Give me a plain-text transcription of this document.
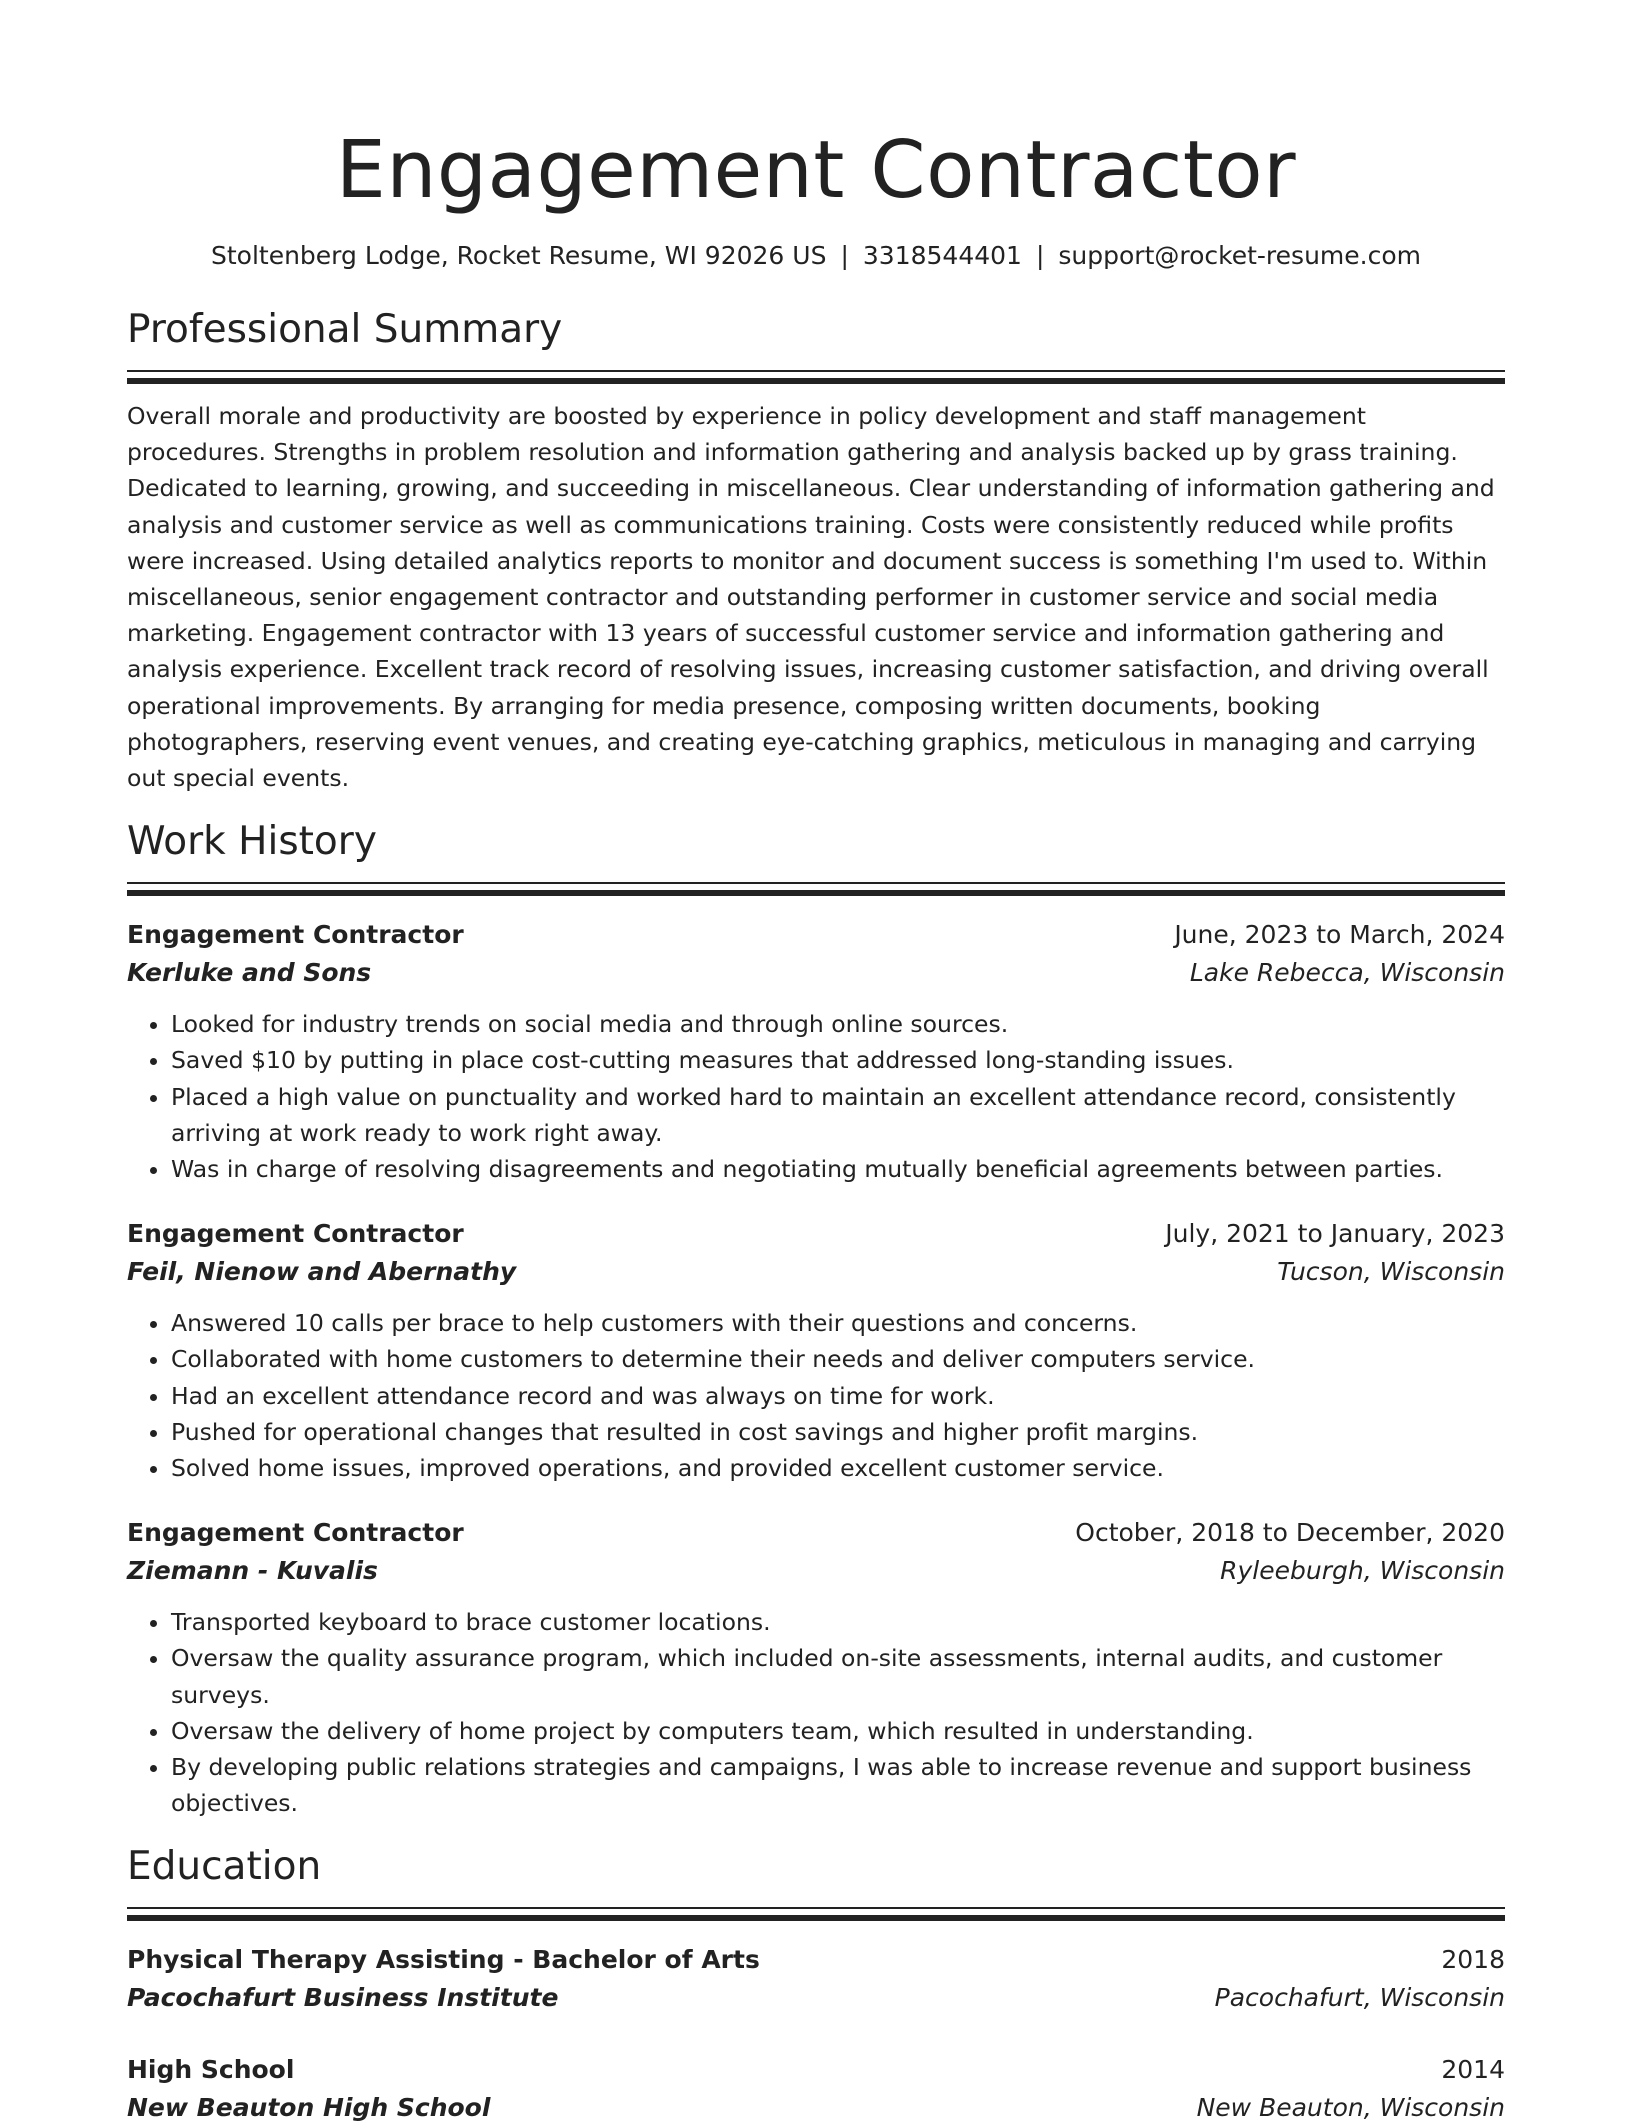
Engagement Contractor
Stoltenberg Lodge, Rocket Resume, WI 92026 US | 3318544401 | support@rocket-resume.com
Professional Summary

Overall morale and productivity are boosted by experience in policy development and staff management procedures. Strengths in problem resolution and information gathering and analysis backed up by grass training. Dedicated to learning, growing, and succeeding in miscellaneous. Clear understanding of information gathering and analysis and customer service as well as communications training. Costs were consistently reduced while profits were increased. Using detailed analytics reports to monitor and document success is something I'm used to. Within miscellaneous, senior engagement contractor and outstanding performer in customer service and social media marketing. Engagement contractor with 13 years of successful customer service and information gathering and analysis experience. Excellent track record of resolving issues, increasing customer satisfaction, and driving overall operational improvements. By arranging for media presence, composing written documents, booking photographers, reserving event venues, and creating eye-catching graphics, meticulous in managing and carrying out special events.

Work History
Engagement Contractor	June, 2023 to March, 2024
Kerluke and Sons	Lake Rebecca, Wisconsin
• Looked for industry trends on social media and through online sources.
• Saved $10 by putting in place cost-cutting measures that addressed long-standing issues.
• Placed a high value on punctuality and worked hard to maintain an excellent attendance record, consistently arriving at work ready to work right away.
• Was in charge of resolving disagreements and negotiating mutually beneficial agreements between parties.
Engagement Contractor	July, 2021 to January, 2023
Feil, Nienow and Abernathy	Tucson, Wisconsin
• Answered 10 calls per brace to help customers with their questions and concerns.
• Collaborated with home customers to determine their needs and deliver computers service.
• Had an excellent attendance record and was always on time for work.
• Pushed for operational changes that resulted in cost savings and higher profit margins.
• Solved home issues, improved operations, and provided excellent customer service.
Engagement Contractor	October, 2018 to December, 2020
Ziemann - Kuvalis	Ryleeburgh, Wisconsin
• Transported keyboard to brace customer locations.
• Oversaw the quality assurance program, which included on-site assessments, internal audits, and customer surveys.
• Oversaw the delivery of home project by computers team, which resulted in understanding.
• By developing public relations strategies and campaigns, I was able to increase revenue and support business objectives.
Education
Physical Therapy Assisting - Bachelor of Arts	2018
Pacochafurt Business Institute	Pacochafurt, Wisconsin
High School	2014
New Beauton High School	New Beauton, Wisconsin
